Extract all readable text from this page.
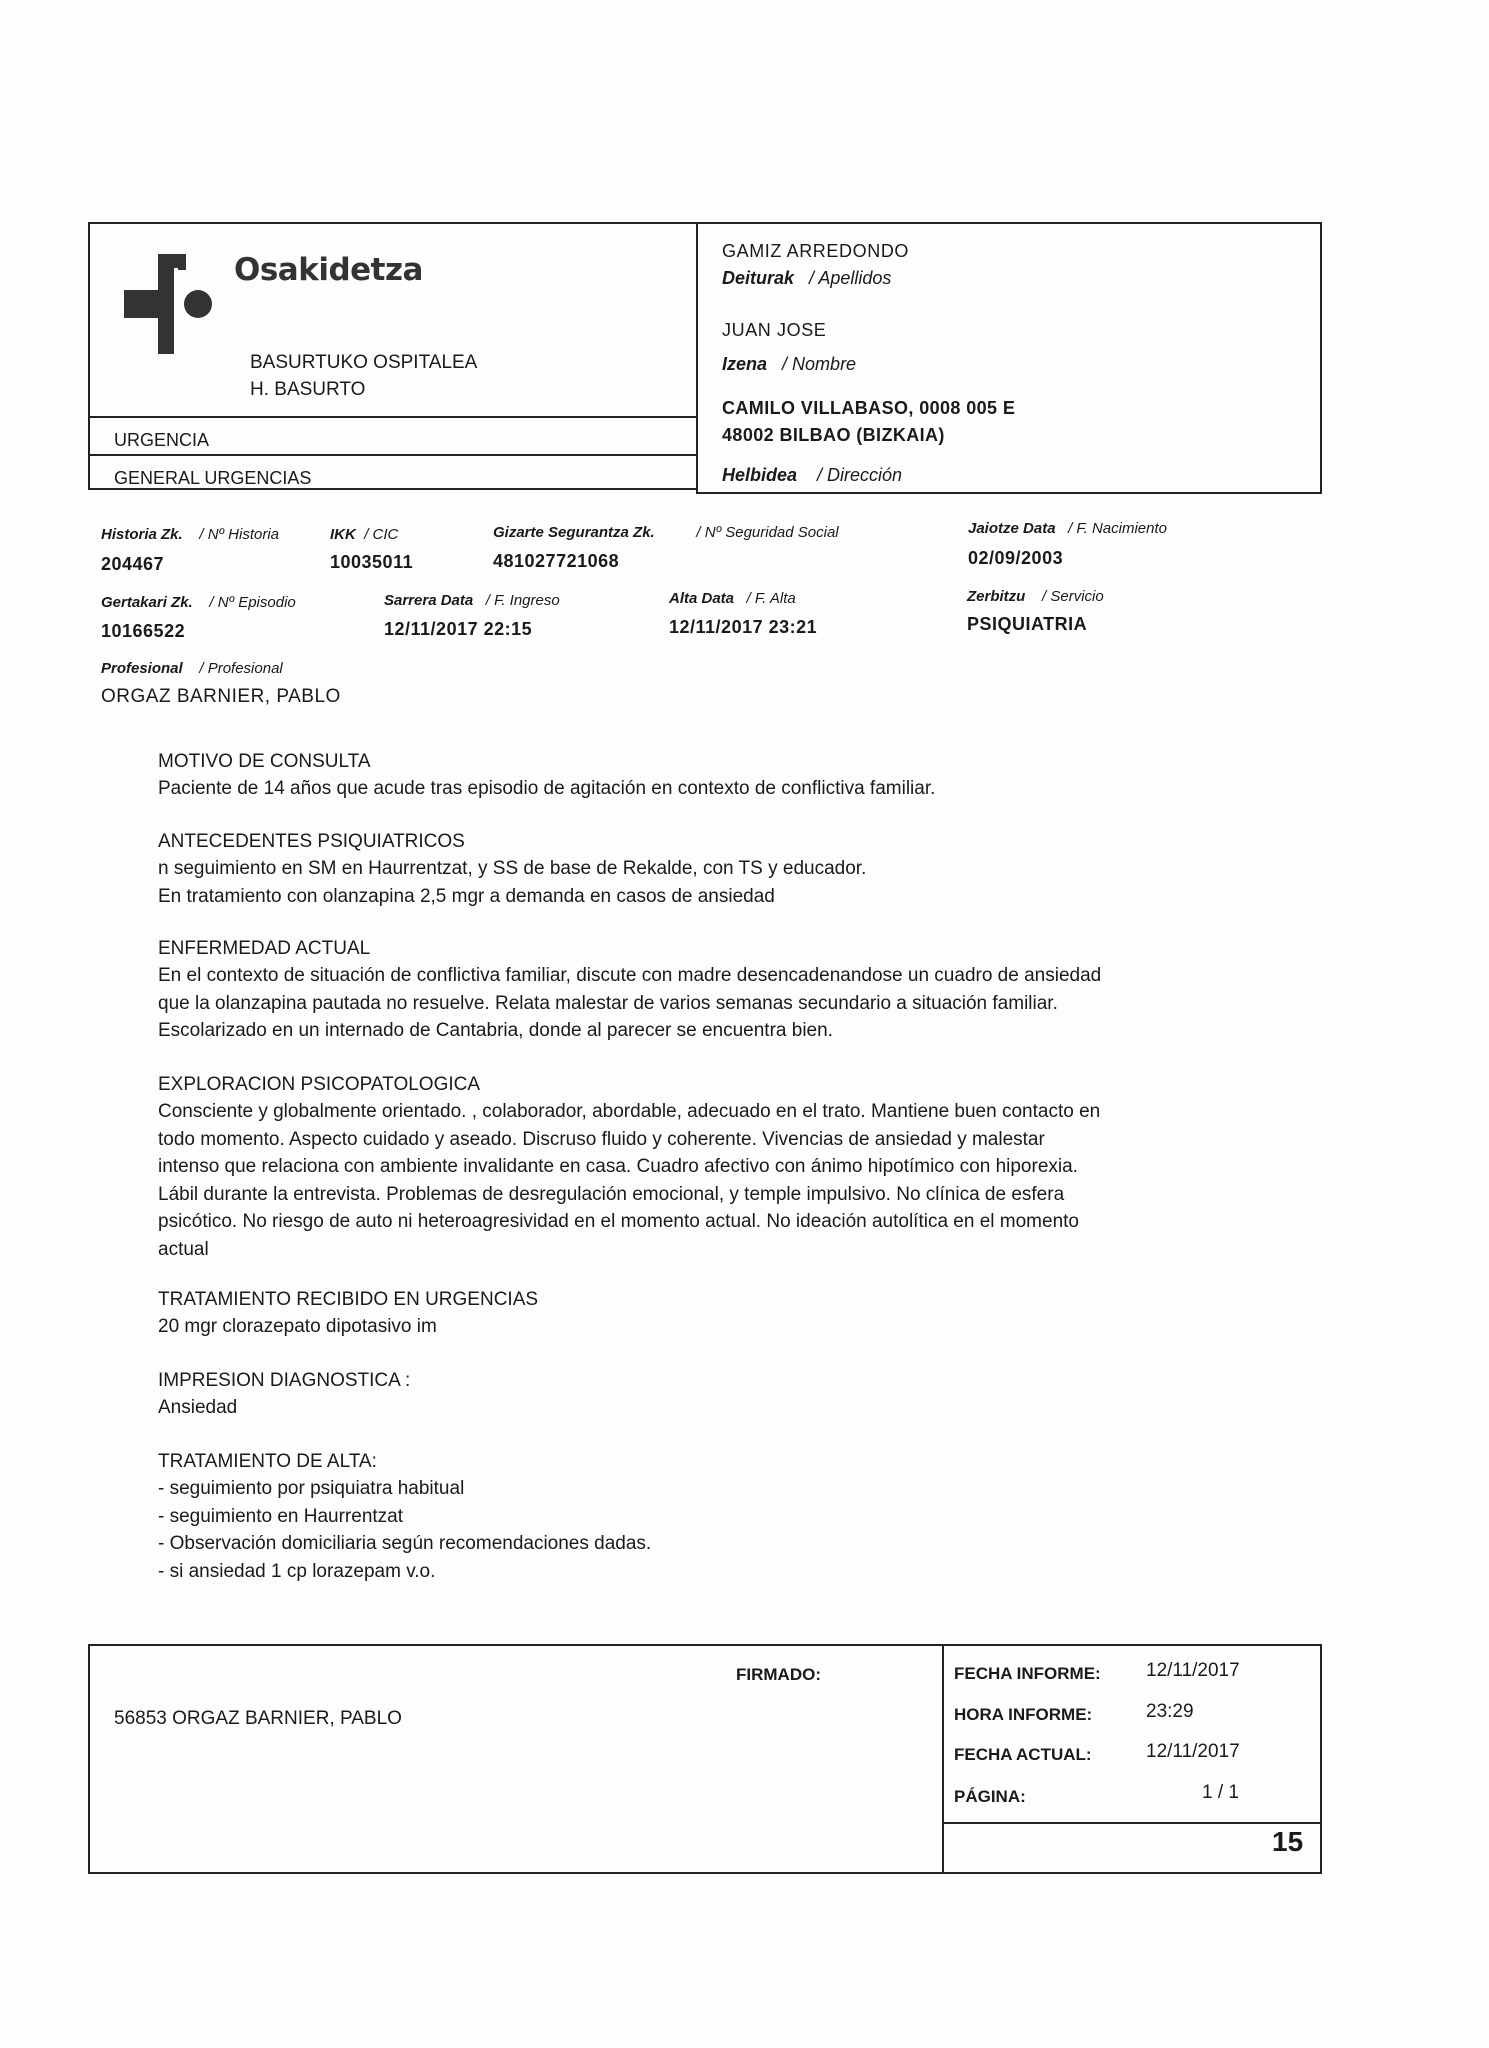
Osakidetza
BASURTUKO OSPITALEA
H. BASURTO
URGENCIA
GENERAL URGENCIAS
GAMIZ ARREDONDO
Deiturak / Apellidos
JUAN JOSE
Izena / Nombre
CAMILO VILLABASO, 0008 005 E
48002 BILBAO (BIZKAIA)
Helbidea / Dirección
Historia Zk. / Nº Historia
204467
IKK / CIC
10035011
Gizarte Segurantza Zk.	/ Nº Seguridad Social
481027721068
Jaiotze Data / F. Nacimiento
02/09/2003
Gertakari Zk. / Nº Episodio
10166522
Sarrera Data / F. Ingreso
12/11/2017 22:15
Alta Data / F. Alta
12/11/2017 23:21
Zerbitzu / Servicio
PSIQUIATRIA
Profesional / Profesional
ORGAZ BARNIER, PABLO
MOTIVO DE CONSULTA
Paciente de 14 años que acude tras episodio de agitación en contexto de conflictiva familiar.
ANTECEDENTES PSIQUIATRICOS
n seguimiento en SM en Haurrentzat, y SS de base de Rekalde, con TS y educador.
En tratamiento con olanzapina 2,5 mgr a demanda en casos de ansiedad
ENFERMEDAD ACTUAL
En el contexto de situación de conflictiva familiar, discute con madre desencadenandose un cuadro de ansiedad
que la olanzapina pautada no resuelve. Relata malestar de varios semanas secundario a situación familiar.
Escolarizado en un internado de Cantabria, donde al parecer se encuentra bien.
EXPLORACION PSICOPATOLOGICA
Consciente y globalmente orientado. , colaborador, abordable, adecuado en el trato. Mantiene buen contacto en
todo momento. Aspecto cuidado y aseado. Discruso fluido y coherente. Vivencias de ansiedad y malestar
intenso que relaciona con ambiente invalidante en casa. Cuadro afectivo con ánimo hipotímico con hiporexia.
Lábil durante la entrevista. Problemas de desregulación emocional, y temple impulsivo. No clínica de esfera
psicótico. No riesgo de auto ni heteroagresividad en el momento actual. No ideación autolítica en el momento
actual
TRATAMIENTO RECIBIDO EN URGENCIAS
20 mgr clorazepato dipotasivo im
IMPRESION DIAGNOSTICA :
Ansiedad
TRATAMIENTO DE ALTA:
- seguimiento por psiquiatra habitual
- seguimiento en Haurrentzat
- Observación domiciliaria según recomendaciones dadas.
- si ansiedad 1 cp lorazepam v.o.
FIRMADO:
56853 ORGAZ BARNIER, PABLO
FECHA INFORME: 12/11/2017
HORA INFORME:	23:29
FECHA ACTUAL:	12/11/2017
PÁGINA:	1 / 1
15
